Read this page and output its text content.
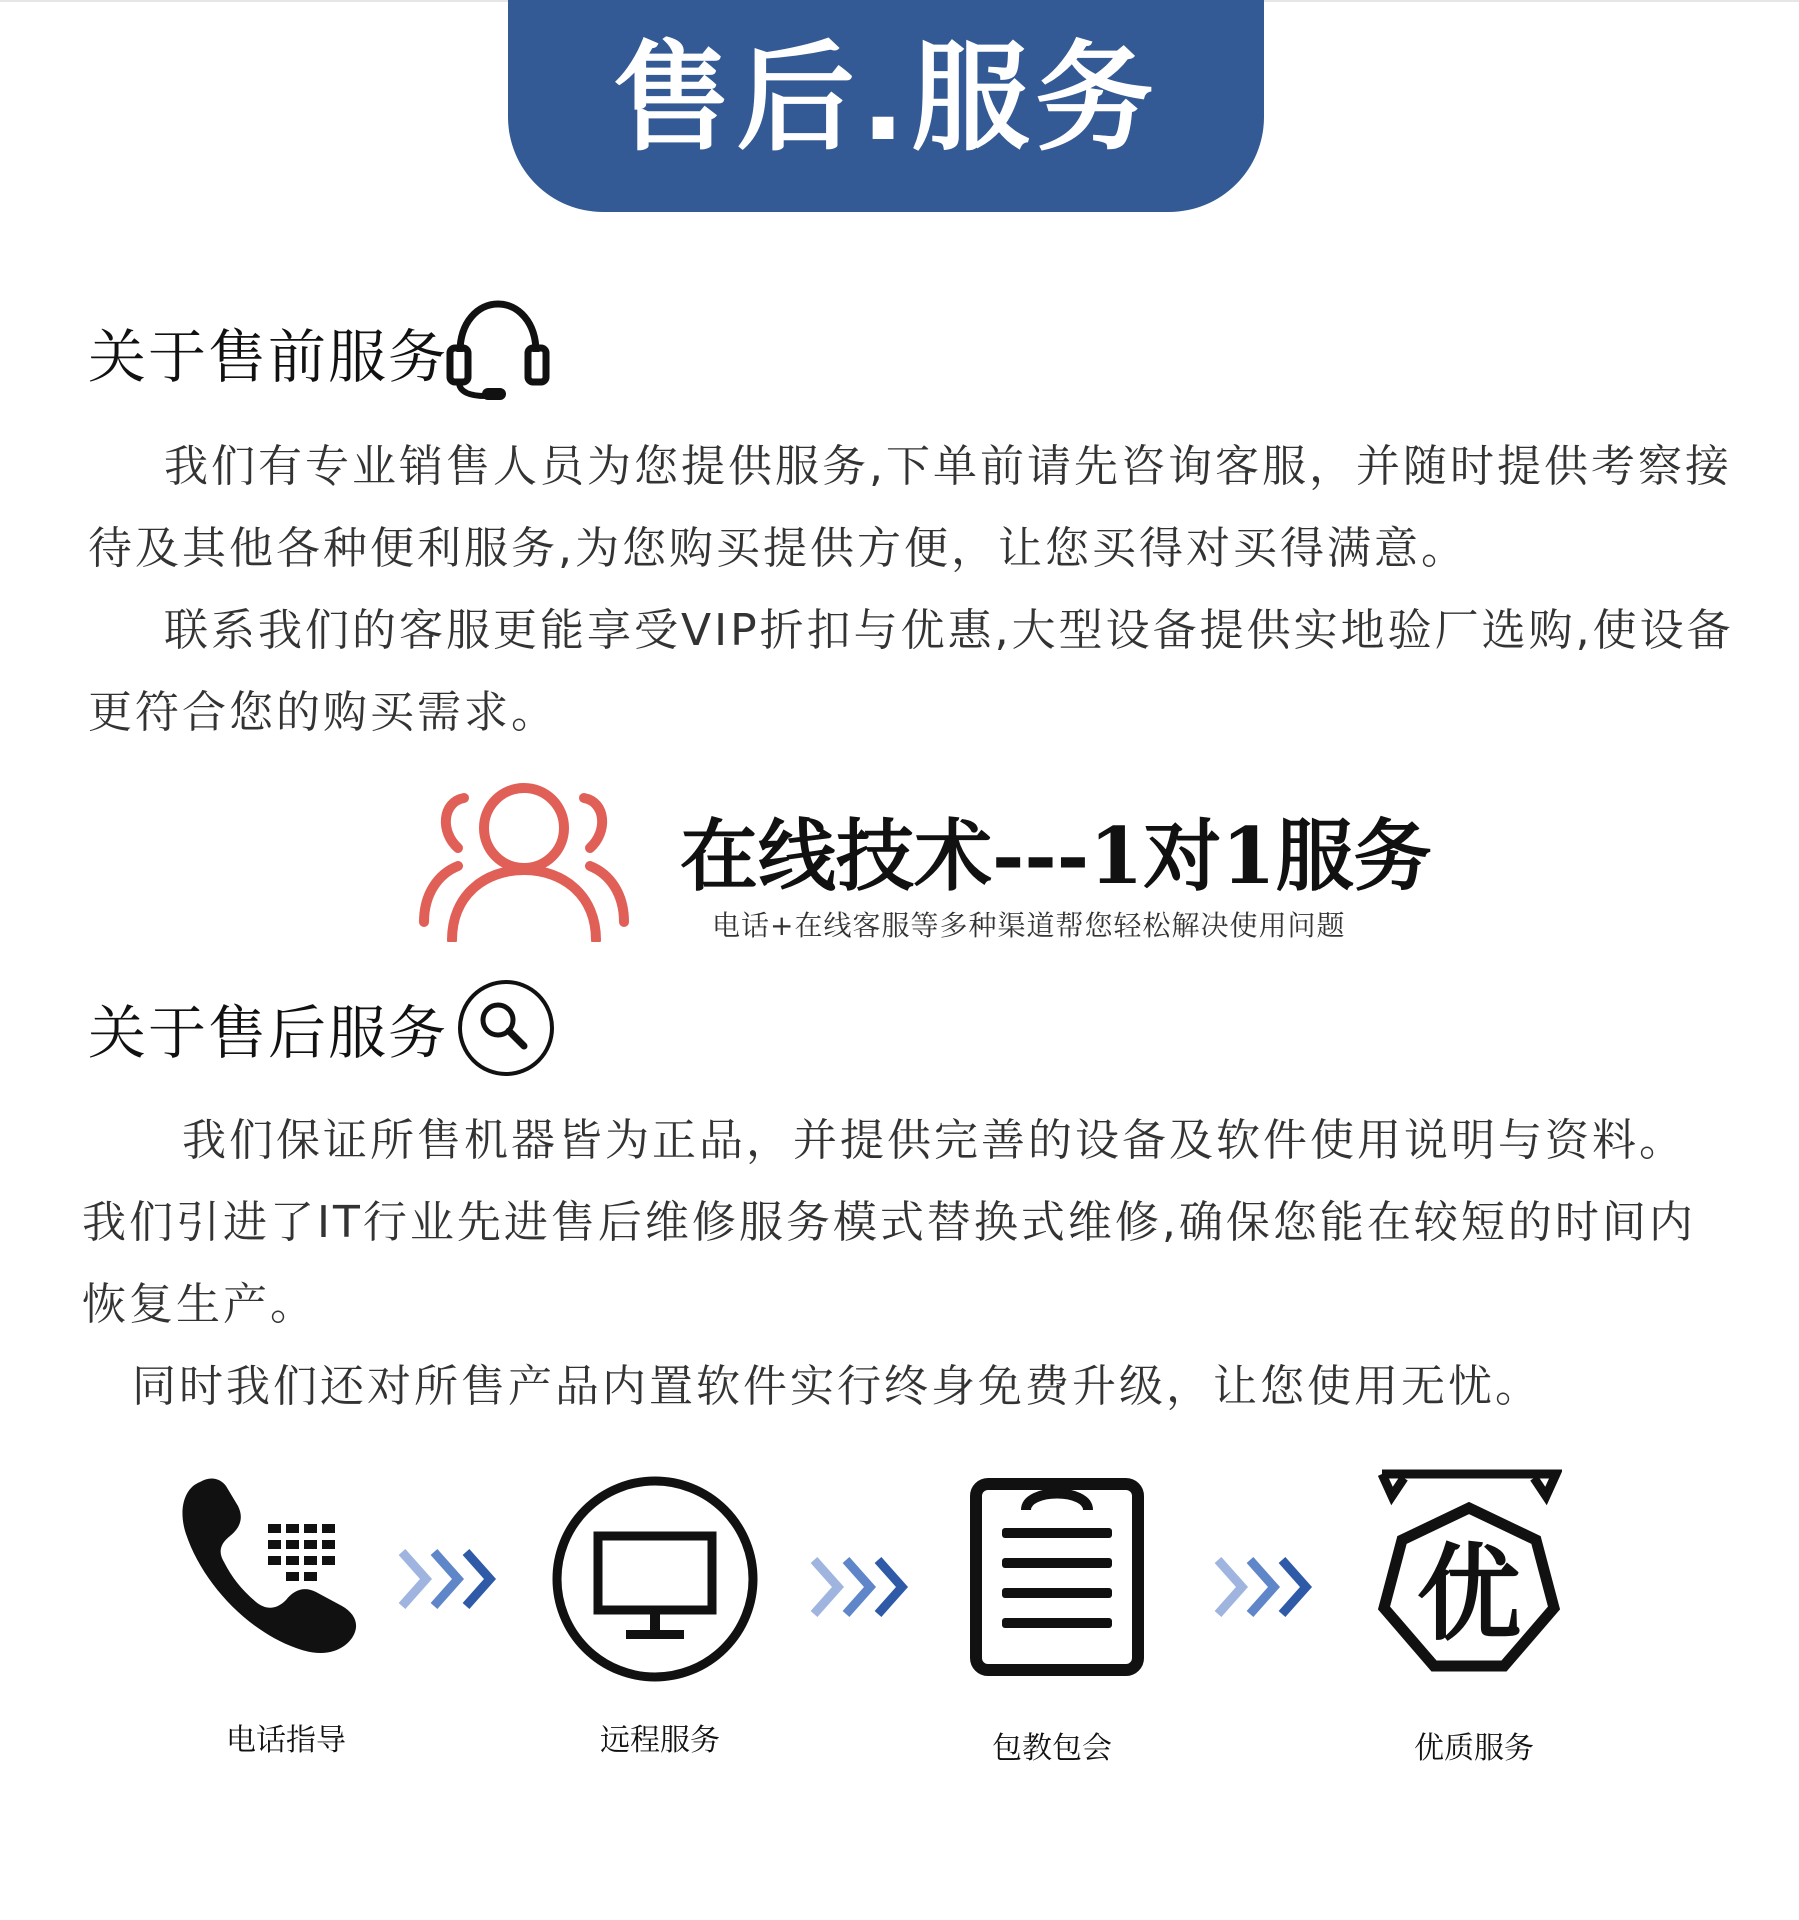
售后.服务
关于售前服务

我们有专业销售人员为您提供服务,下单前请先咨询客服，并随时提供考察接待及其他各种便利服务,为您购买提供方便，让您买得对买得满意。

联系我们的客服更能享受VIP折扣与优惠,大型设备提供实地验厂选购,使设备更符合您的购买需求。

在线技术---1对1服务
电话+在线客服等多种渠道帮您轻松解决使用问题
关于售后服务

我们保证所售机器皆为正品，并提供完善的设备及软件使用说明与资料。

我们引进了IT行业先进售后维修服务模式替换式维修,确保您能在较短的时间内恢复生产。

同时我们还对所售产品内置软件实行终身免费升级，让您使用无忧。

优
电话指导	远程服务	包教包会	优质服务
